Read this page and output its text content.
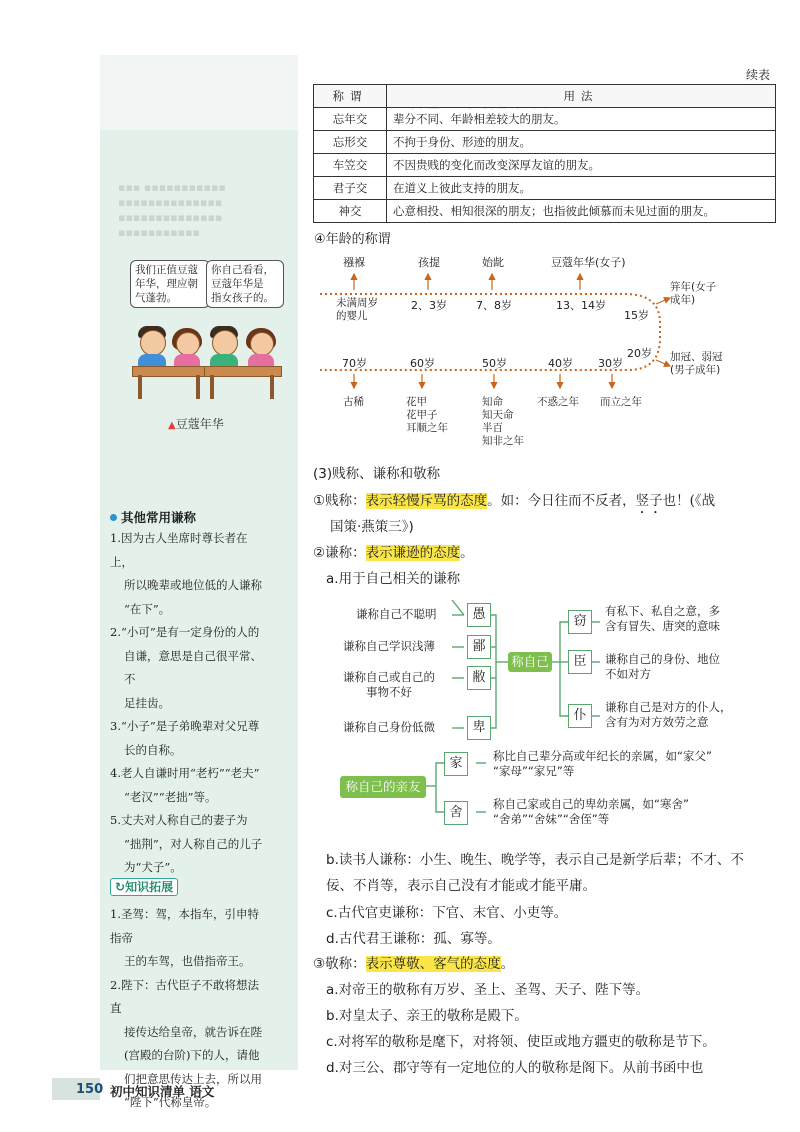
▪▪▪ ▪▪▪▪▪▪▪▪▪▪▪
▪▪▪▪▪▪▪▪▪▪▪▪▪▪
▪▪▪▪▪▪▪▪▪▪▪▪▪▪
▪▪▪▪▪▪▪▪▪▪▪
我们正值豆蔻
年华，理应朝
气蓬勃。
你自己看看，
豆蔻年华是
指女孩子的。
▲豆蔻年华
其他常用谦称
1.因为古人坐席时尊长者在上，
所以晚辈或地位低的人谦称
“在下”。
2.“小可”是有一定身份的人的
自谦，意思是自己很平常、不
足挂齿。
3.“小子”是子弟晚辈对父兄尊
长的自称。
4.老人自谦时用“老朽”“老夫”
“老汉”“老拙”等。
5.丈夫对人称自己的妻子为
“拙荆”，对人称自己的儿子
为“犬子”。
↻知识拓展
1.圣驾：驾，本指车，引申特指帝
王的车驾，也借指帝王。
2.陛下：古代臣子不敢将想法直
接传达给皇帝，就告诉在陛
(宫殿的台阶)下的人，请他
们把意思传达上去，所以用
“陛下”代称皇帝。
续表
称谓	用法
忘年交	辈分不同、年龄相差较大的朋友。
忘形交	不拘于身份、形迹的朋友。
车笠交	不因贵贱的变化而改变深厚友谊的朋友。
君子交	在道义上彼此支持的朋友。
神交	心意相投、相知很深的朋友；也指彼此倾慕而未见过面的朋友。
④年龄的称谓
襁褓	孩提	始龀	豆蔻年华(女子)
未满周岁
的婴儿
2、3岁	7、8岁	13、14岁
15岁
笄年(女子
成年)
20岁 加冠、弱冠
(男子成年)
70岁	60岁	50岁	40岁 30岁
古稀	花甲
花甲子
耳顺之年
知命
知天命
半百
知非之年
不惑之年 而立之年
(3)贱称、谦称和敬称
①贱称：表示轻慢斥骂的态度。如：今日往而不反者，竖子也！(《战
国策·燕策三》)
②谦称：表示谦逊的态度。
a.用于自己相关的谦称
谦称自己不聪明	愚
谦称自己学识浅薄	鄙
谦称自己或自己的
事物不好
敝
谦称自己身份低微	卑
称自己
窃
有私下、私自之意，多
含有冒失、唐突的意味
臣	谦称自己的身份、地位
不如对方
仆
谦称自己是对方的仆人，
含有为对方效劳之意
称自己的亲友
家	称比自己辈分高或年纪长的亲属，如“家父”
“家母”“家兄”等
舍
称自己家或自己的卑幼亲属，如“寒舍”
“舍弟”“舍妹”“舍侄”等
b.读书人谦称：小生、晚生、晚学等，表示自己是新学后辈；不才、不
佞、不肖等，表示自己没有才能或才能平庸。
c.古代官吏谦称：下官、末官、小吏等。
d.古代君王谦称：孤、寡等。
③敬称：表示尊敬、客气的态度。
a.对帝王的敬称有万岁、圣上、圣驾、天子、陛下等。
b.对皇太子、亲王的敬称是殿下。
c.对将军的敬称是麾下，对将领、使臣或地方疆吏的敬称是节下。
d.对三公、郡守等有一定地位的人的敬称是阁下。从前书函中也
150 初中知识清单 语文
